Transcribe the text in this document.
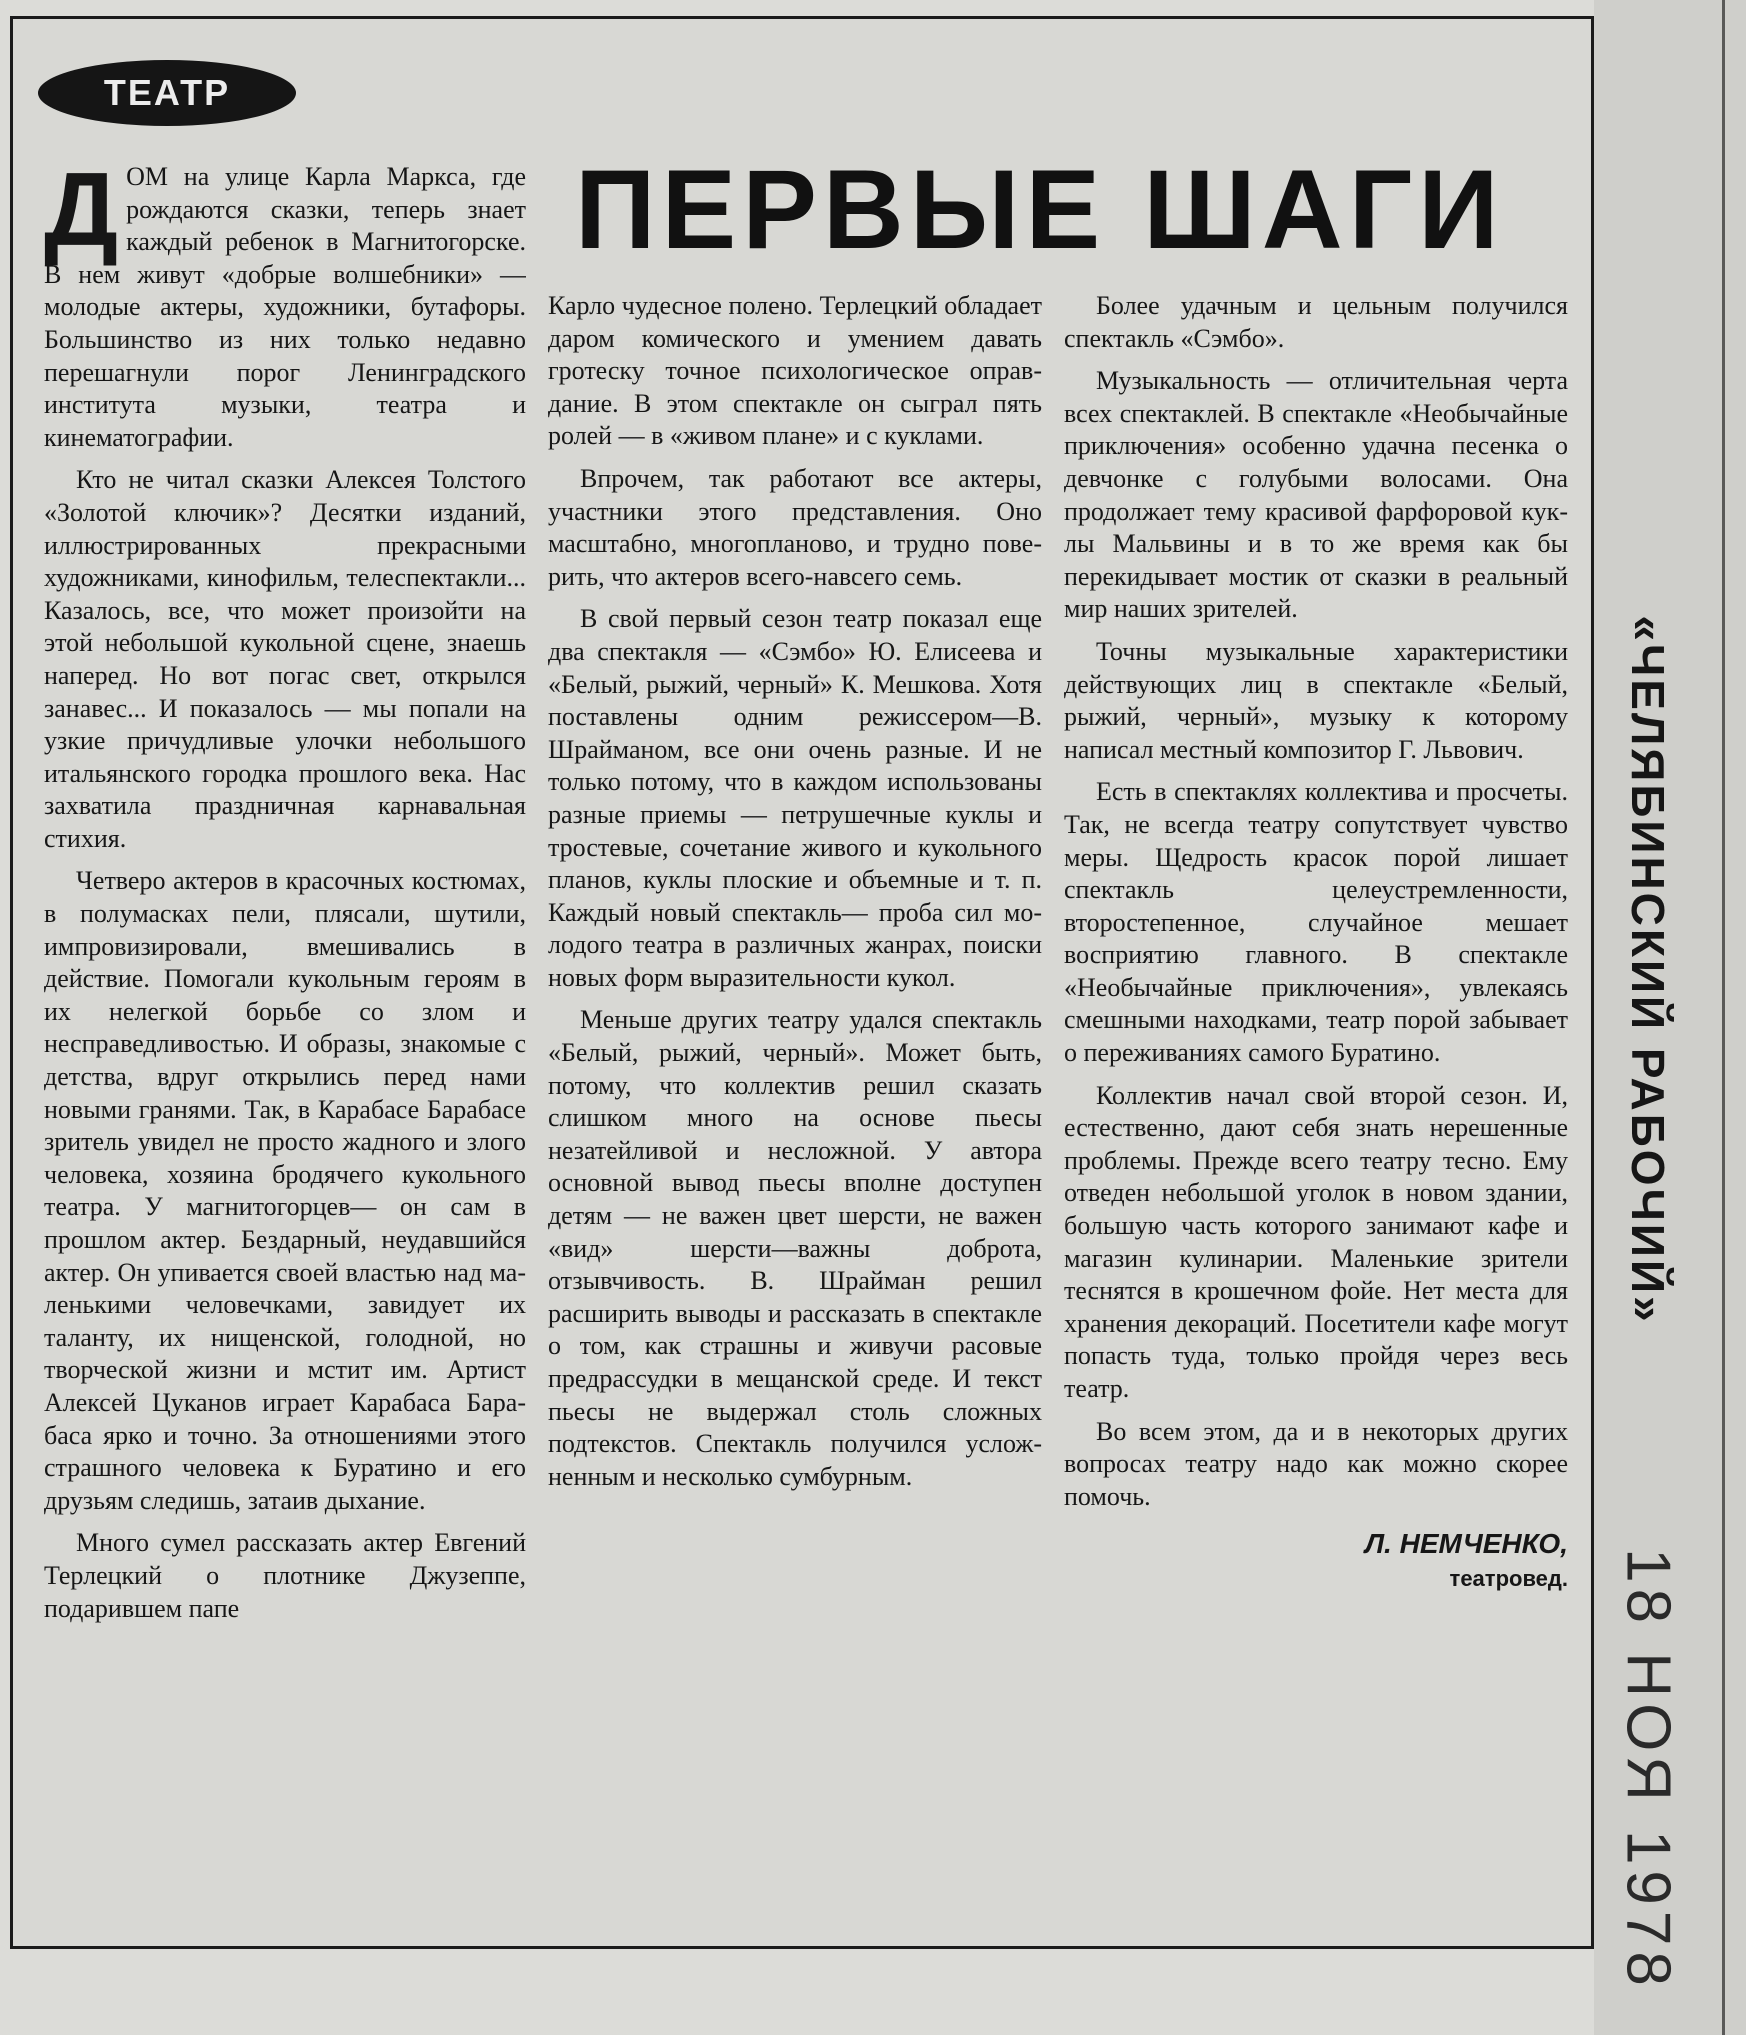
ТЕАТР
ПЕРВЫЕ ШАГИ

ДОМ на улице Карла Маркса, где рождаются сказки, теперь знает каждый ребенок в Магнитогорске. В нем живут «добрые волшебники» — молодые актеры, художники, бутафоры. Большинство из них только недавно перешагнули порог Ленинградского института музыки, театра и кинематографии.

Кто не читал сказки Алексея Толстого «Золотой ключик»? Десятки изданий, иллюстрированных прекрасными художниками, кинофильм, телеспектакли... Казалось, все, что может произойти на этой небольшой кукольной сцене, знаешь наперед. Но вот погас свет, открылся занавес... И показалось — мы попали на узкие причудливые улочки небольшого итальянского городка прошлого века. Нас захватила праздничная карнавальная стихия.

Четверо актеров в красочных костюмах, в полумасках пели, плясали, шутили, импровизировали, вмешивались в действие. Помогали кукольным героям в их нелегкой борьбе со злом и несправедливостью. И образы, знакомые с детства, вдруг открылись перед нами новыми гранями. Так, в Карабасе Барабасе зритель увидел не просто жадного и злого человека, хозяина бродячего кукольного театра. У магнитогорцев— он сам в прошлом актер. Бездарный, неудавшийся актер. Он упивается своей властью над маленькими человечками, завидует их таланту, их нищенской, голодной, но творческой жизни и мстит им. Артист Алексей Цуканов играет Карабаса Барабаса ярко и точно. За отношениями этого страшного человека к Буратино и его друзьям следишь, затаив дыхание.

Много сумел рассказать актер Евгений Терлецкий о плотнике Джузеппе, подарившем папе

Карло чудесное полено. Терлецкий обладает даром комического и умением давать гротеску точное психологическое оправдание. В этом спектакле он сыграл пять ролей — в «живом плане» и с куклами.

Впрочем, так работают все актеры, участники этого представления. Оно масштабно, многопланово, и трудно поверить, что актеров всего-навсего семь.

В свой первый сезон театр показал еще два спектакля — «Сэмбо» Ю. Елисеева и «Белый, рыжий, черный» К. Мешкова. Хотя поставлены одним режиссером—В. Шрайманом, все они очень разные. И не только потому, что в каждом использованы разные приемы — петрушечные куклы и тростевые, сочетание живого и кукольного планов, куклы плоские и объемные и т. п. Каждый новый спектакль— проба сил молодого театра в различных жанрах, поиски новых форм выразительности кукол.

Меньше других театру удался спектакль «Белый, рыжий, черный». Может быть, потому, что коллектив решил сказать слишком много на основе пьесы незатейливой и несложной. У автора основной вывод пьесы вполне доступен детям — не важен цвет шерсти, не важен «вид» шерсти—важны доброта, отзывчивость. В. Шрайман решил расширить выводы и рассказать в спектакле о том, как страшны и живучи расовые предрассудки в мещанской среде. И текст пьесы не выдержал столь сложных подтекстов. Спектакль получился усложненным и несколько сумбурным.

Более удачным и цельным получился спектакль «Сэмбо».

Музыкальность — отличительная черта всех спектаклей. В спектакле «Необычайные приключения» особенно удачна песенка о девчонке с голубыми волосами. Она продолжает тему красивой фарфоровой куклы Мальвины и в то же время как бы перекидывает мостик от сказки в реальный мир наших зрителей.

Точны музыкальные характеристики действующих лиц в спектакле «Белый, рыжий, черный», музыку к которому написал местный композитор Г. Львович.

Есть в спектаклях коллектива и просчеты. Так, не всегда театру сопутствует чувство меры. Щедрость красок порой лишает спектакль целеустремленности, второстепенное, случайное мешает восприятию главного. В спектакле «Необычайные приключения», увлекаясь смешными находками, театр порой забывает о переживаниях самого Буратино.

Коллектив начал свой второй сезон. И, естественно, дают себя знать нерешенные проблемы. Прежде всего театру тесно. Ему отведен небольшой уголок в новом здании, большую часть которого занимают кафе и магазин кулинарии. Маленькие зрители теснятся в крошечном фойе. Нет места для хранения декораций. Посетители кафе могут попасть туда, только пройдя через весь театр.

Во всем этом, да и в некоторых других вопросах театру надо как можно скорее помочь.

Л. НЕМЧЕНКО,
театровед.
«ЧЕЛЯБИНСКИЙ РАБОЧИЙ»
18 НОЯ 1978
